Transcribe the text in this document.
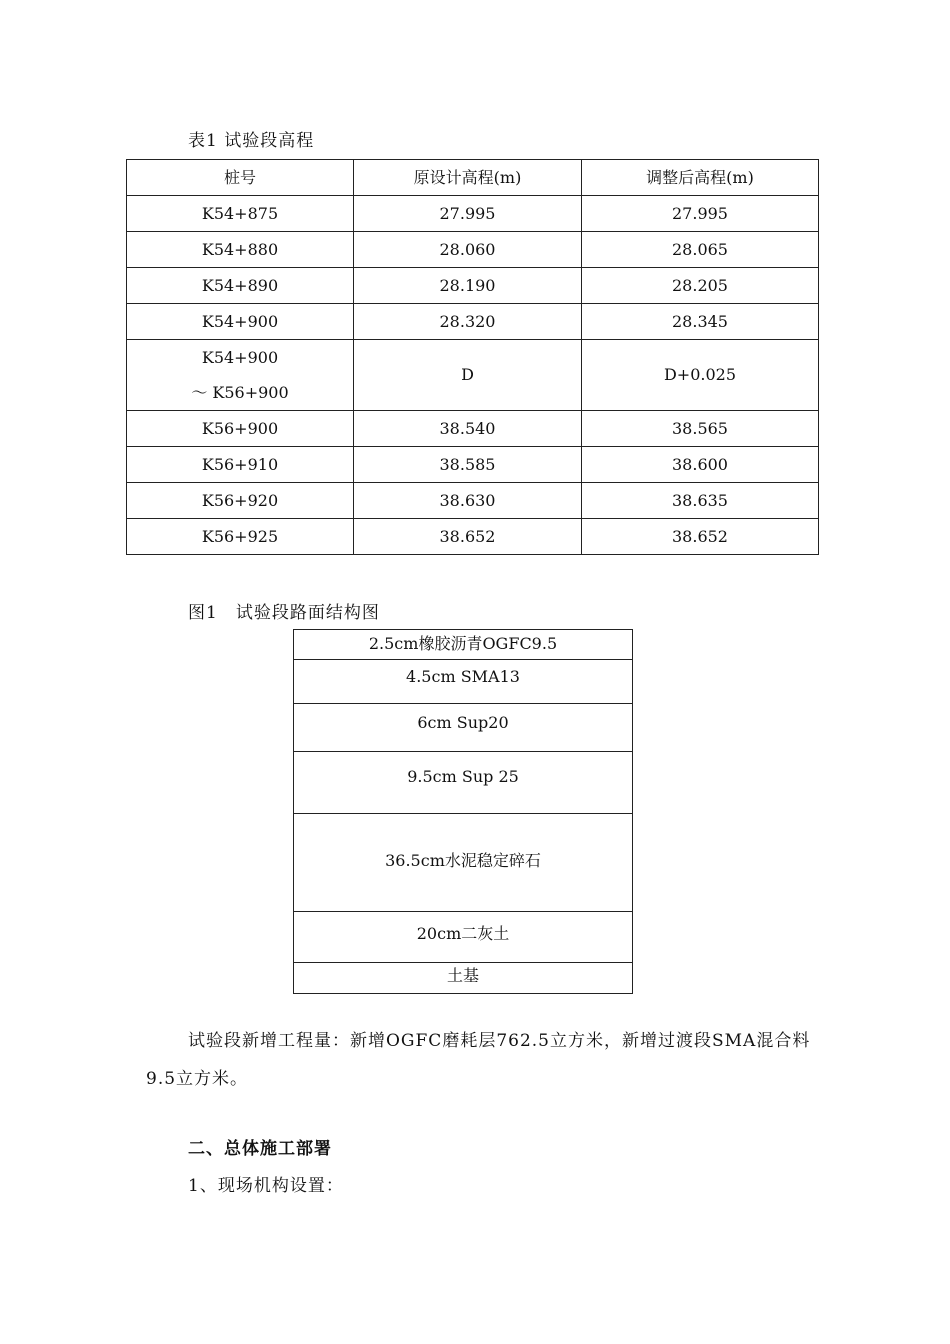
表1 试验段高程
桩号	原设计高程(m)	调整后高程(m)
K54+875	27.995	27.995
K54+880	28.060	28.065
K54+890	28.190	28.205
K54+900	28.320	28.345

K54+900
～ K56+900	D	D+0.025
K56+900	38.540	38.565
K56+910	38.585	38.600
K56+920	38.630	38.635
K56+925	38.652	38.652
图1　试验段路面结构图
2.5cm橡胶沥青OGFC9.5
4.5cm SMA13
6cm Sup20
9.5cm Sup 25
36.5cm水泥稳定碎石
20cm二灰土
土基
试验段新增工程量：新增OGFC磨耗层762.5立方米，新增过渡段SMA混合料9.5立方米。
二、总体施工部署
1、现场机构设置：
